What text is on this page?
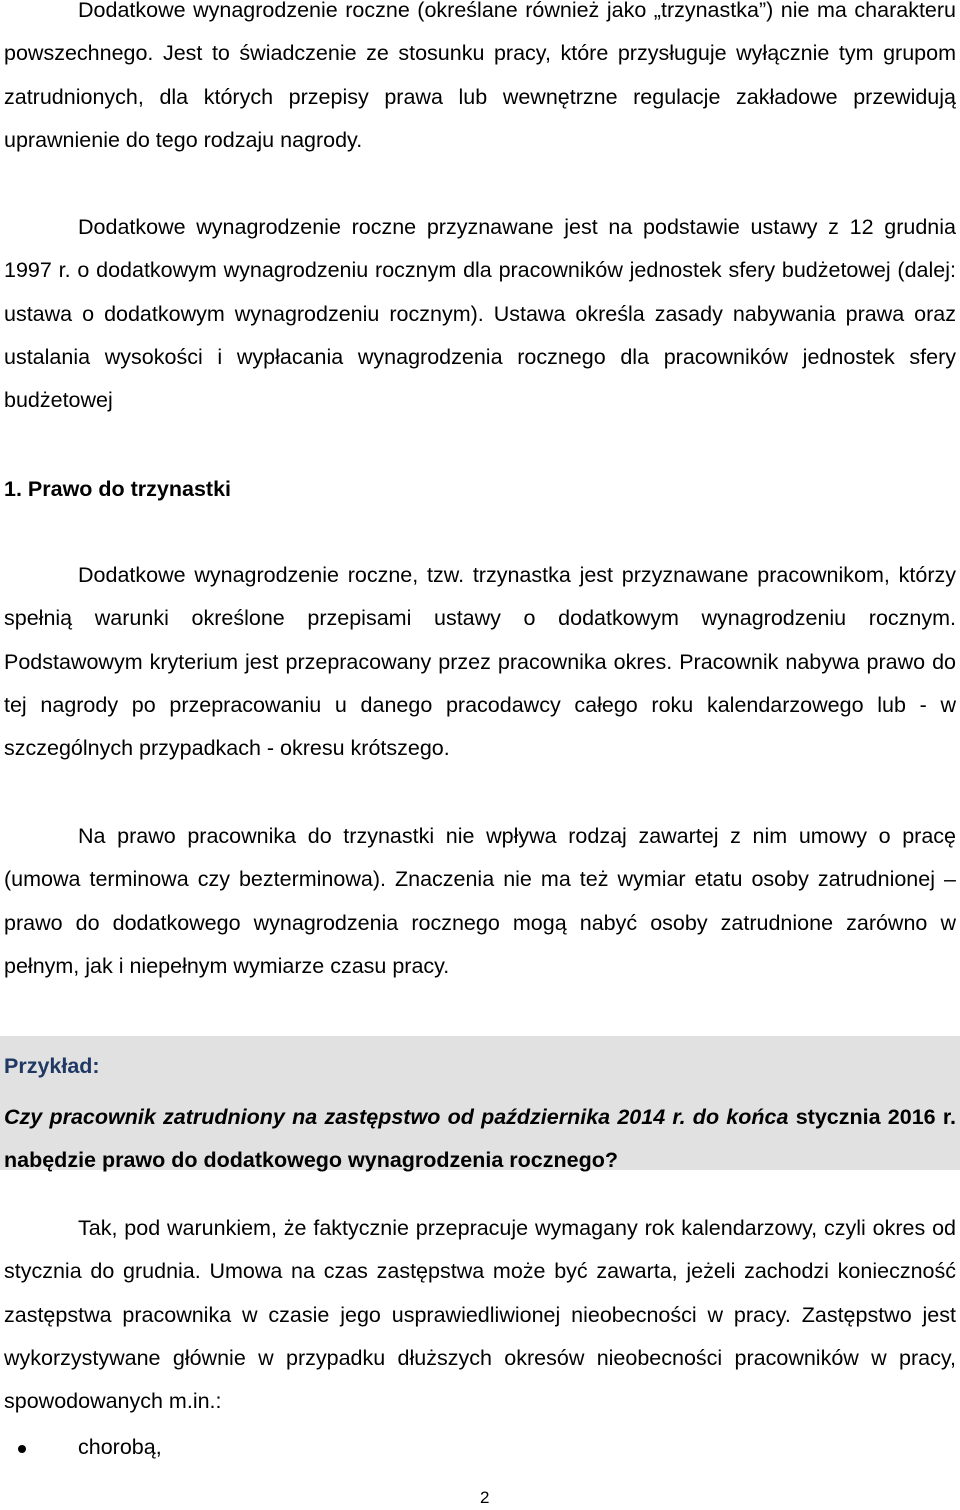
Dodatkowe wynagrodzenie roczne (określane również jako „trzynastka”) nie ma charakteru powszechnego. Jest to świadczenie ze stosunku pracy, które przysługuje wyłącznie tym grupom zatrudnionych, dla których przepisy prawa lub wewnętrzne regulacje zakładowe przewidują uprawnienie do tego rodzaju nagrody.

Dodatkowe wynagrodzenie roczne przyznawane jest na podstawie ustawy z 12 grudnia 1997 r. o dodatkowym wynagrodzeniu rocznym dla pracowników jednostek sfery budżetowej (dalej: ustawa o dodatkowym wynagrodzeniu rocznym). Ustawa określa zasady nabywania prawa oraz ustalania wysokości i wypłacania wynagrodzenia rocznego dla pracowników jednostek sfery budżetowej

1. Prawo do trzynastki

Dodatkowe wynagrodzenie roczne, tzw. trzynastka jest przyznawane pracownikom, którzy spełnią warunki określone przepisami ustawy o dodatkowym wynagrodzeniu rocznym. Podstawowym kryterium jest przepracowany przez pracownika okres. Pracownik nabywa prawo do tej nagrody po przepracowaniu u danego pracodawcy całego roku kalendarzowego lub - w szczególnych przypadkach - okresu krótszego.

Na prawo pracownika do trzynastki nie wpływa rodzaj zawartej z nim umowy o pracę (umowa terminowa czy bezterminowa). Znaczenia nie ma też wymiar etatu osoby zatrudnionej – prawo do dodatkowego wynagrodzenia rocznego mogą nabyć osoby zatrudnione zarówno w pełnym, jak i niepełnym wymiarze czasu pracy.

Przykład:
Czy pracownik zatrudniony na zastępstwo od października 2014 r. do końca stycznia 2016 r. nabędzie prawo do dodatkowego wynagrodzenia rocznego?

Tak, pod warunkiem, że faktycznie przepracuje wymagany rok kalendarzowy, czyli okres od stycznia do grudnia. Umowa na czas zastępstwa może być zawarta, jeżeli zachodzi konieczność zastępstwa pracownika w czasie jego usprawiedliwionej nieobecności w pracy. Zastępstwo jest wykorzystywane głównie w przypadku dłuższych okresów nieobecności pracowników w pracy, spowodowanych m.in.:

chorobą,
2
